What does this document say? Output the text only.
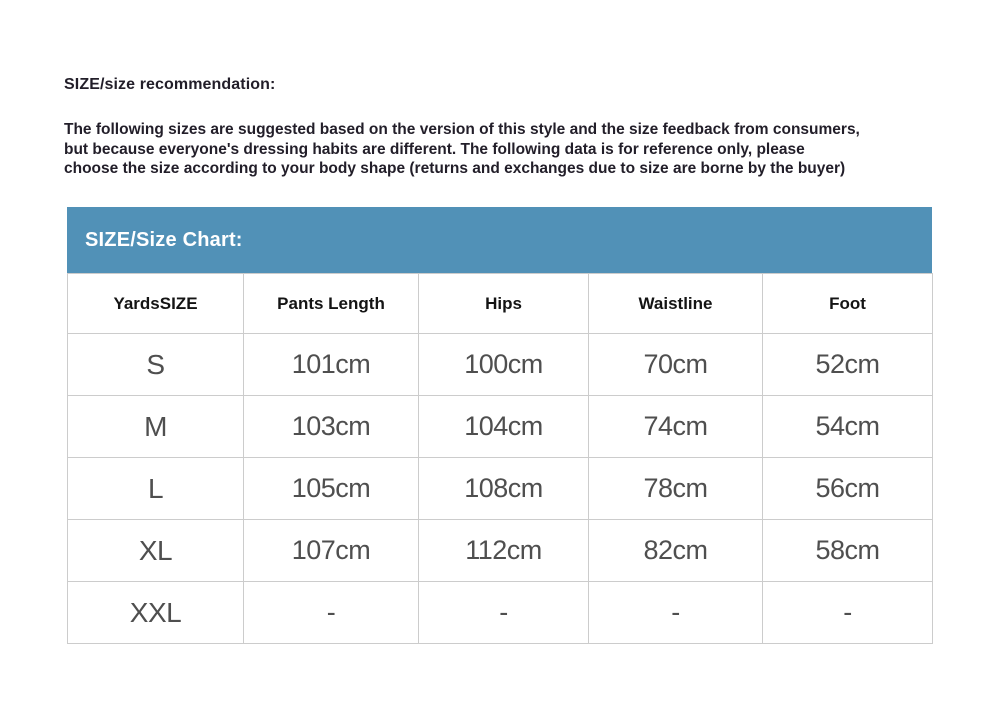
SIZE/size recommendation:
The following sizes are suggested based on the version of this style and the size feedback from consumers,
but because everyone's dressing habits are different. The following data is for reference only, please
choose the size according to your body shape (returns and exchanges due to size are borne by the buyer)
SIZE/Size Chart:
YardsSIZE	Pants Length	Hips	Waistline	Foot
S	101cm	100cm	70cm	52cm
M	103cm	104cm	74cm	54cm
L	105cm	108cm	78cm	56cm
XL	107cm	112cm	82cm	58cm
XXL	-	-	-	-
